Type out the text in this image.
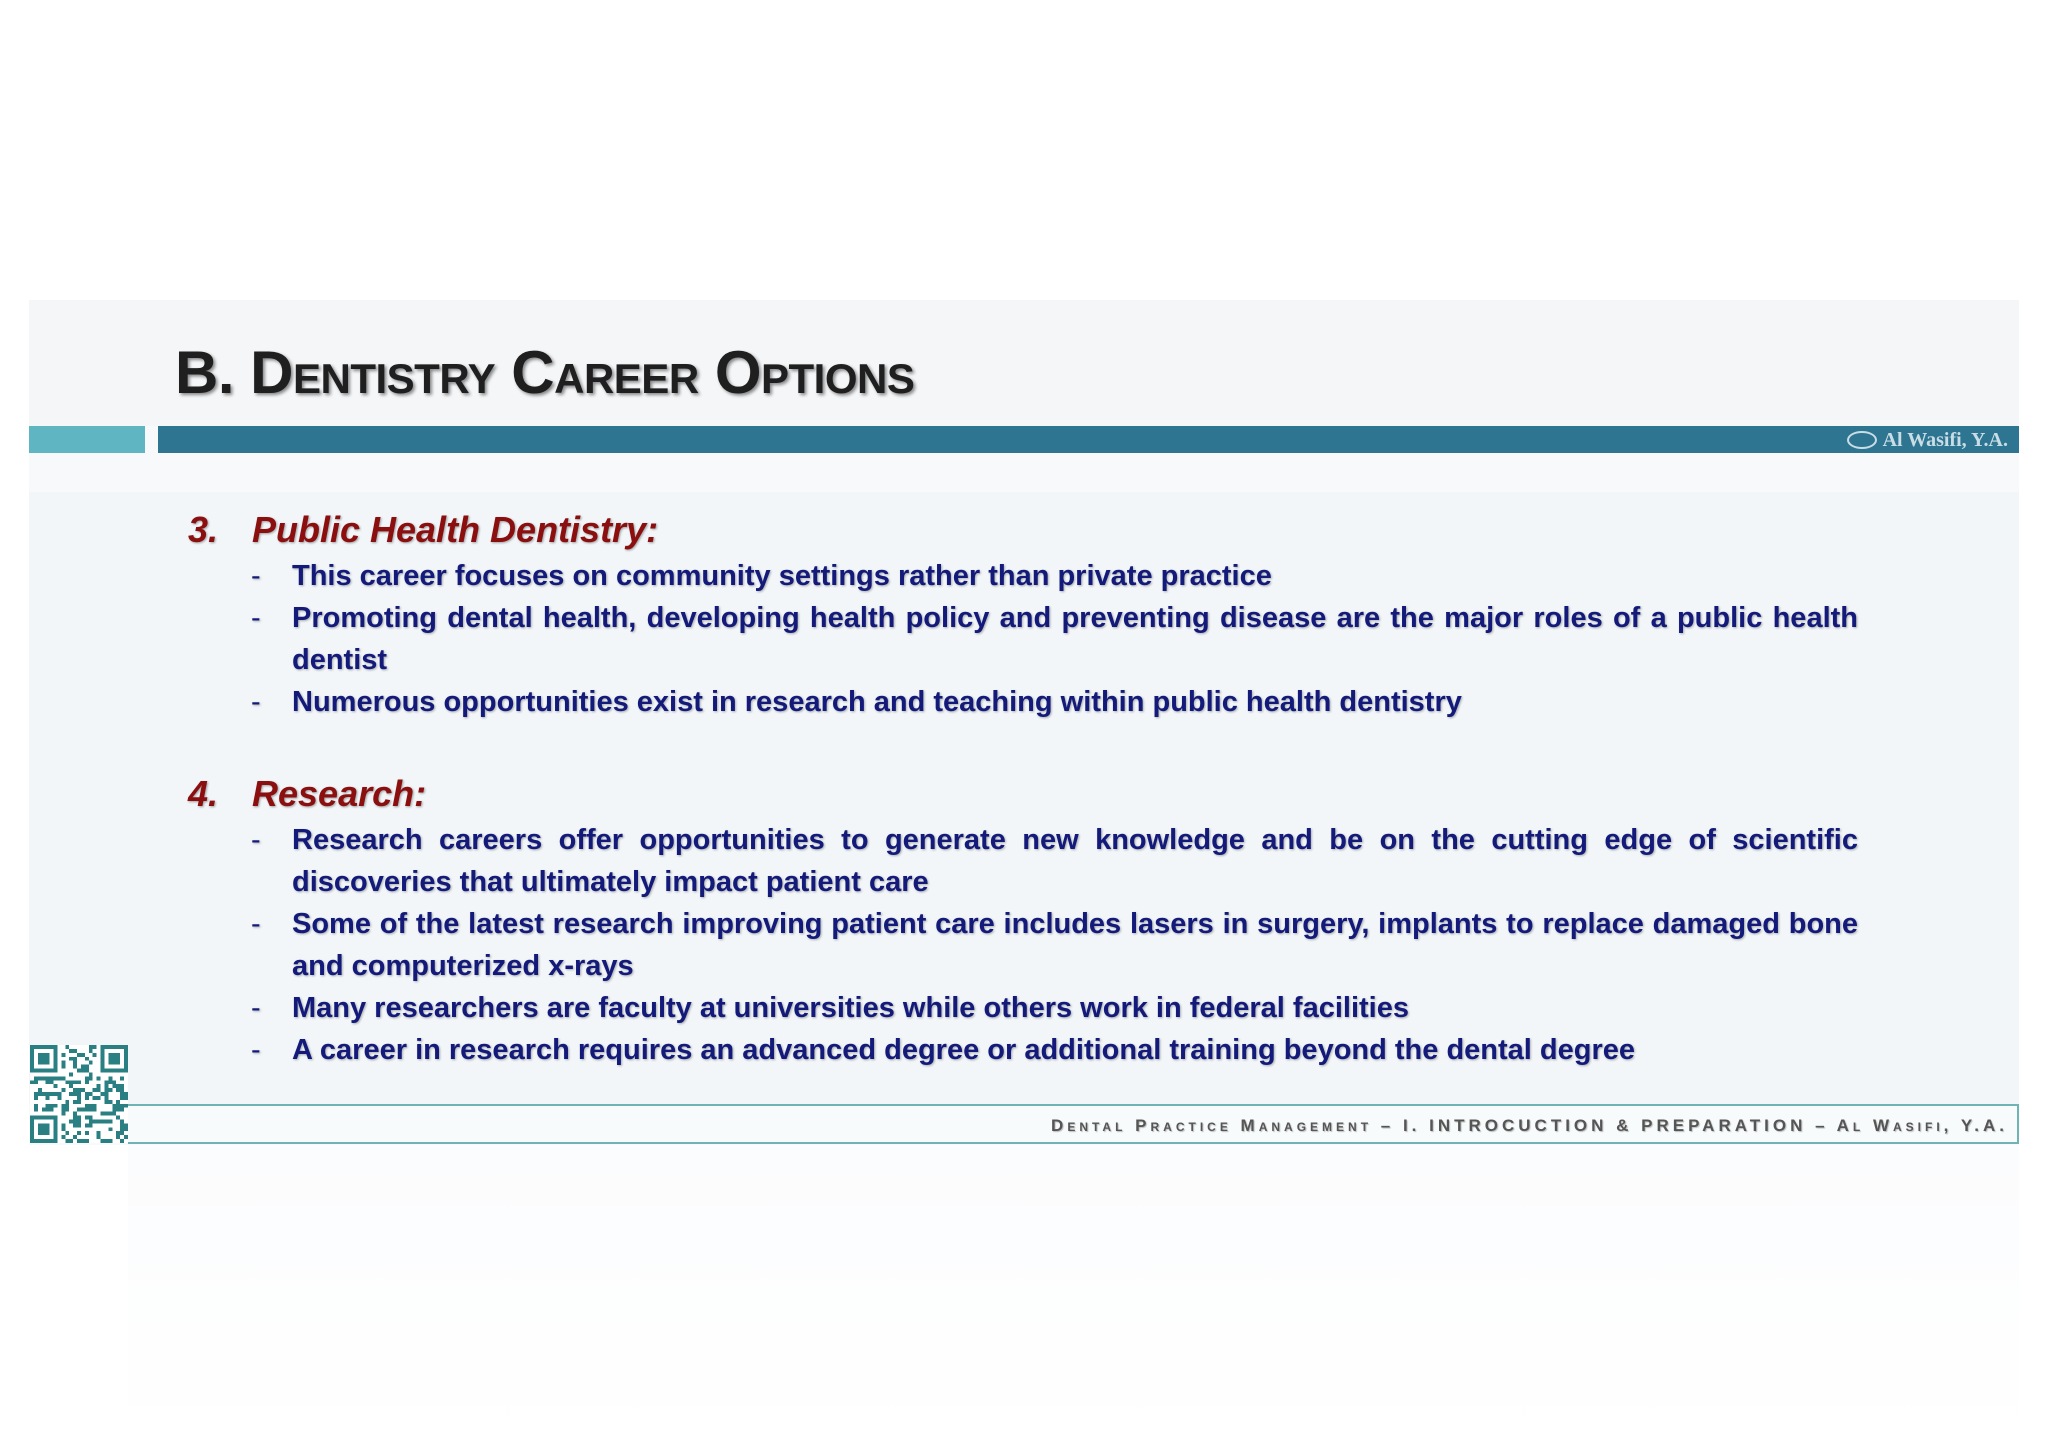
B. Dentistry Career Options
Al Wasifi, Y.A.
3. Public Health Dentistry:
-	This career focuses on community settings rather than private practice
-	Promoting dental health, developing health policy and preventing disease are the major roles of a public health dentist
-	Numerous opportunities exist in research and teaching within public health dentistry
4. Research:
-	Research careers offer opportunities to generate new knowledge and be on the cutting edge of scientific discoveries that ultimately impact patient care
-	Some of the latest research improving patient care includes lasers in surgery, implants to replace damaged bone and computerized x-rays
-	Many researchers are faculty at universities while others work in federal facilities
-	A career in research requires an advanced degree or additional training beyond the dental degree
Dental Practice Management – I. INTROCUCTION & PREPARATION – Al Wasifi, Y.A.
